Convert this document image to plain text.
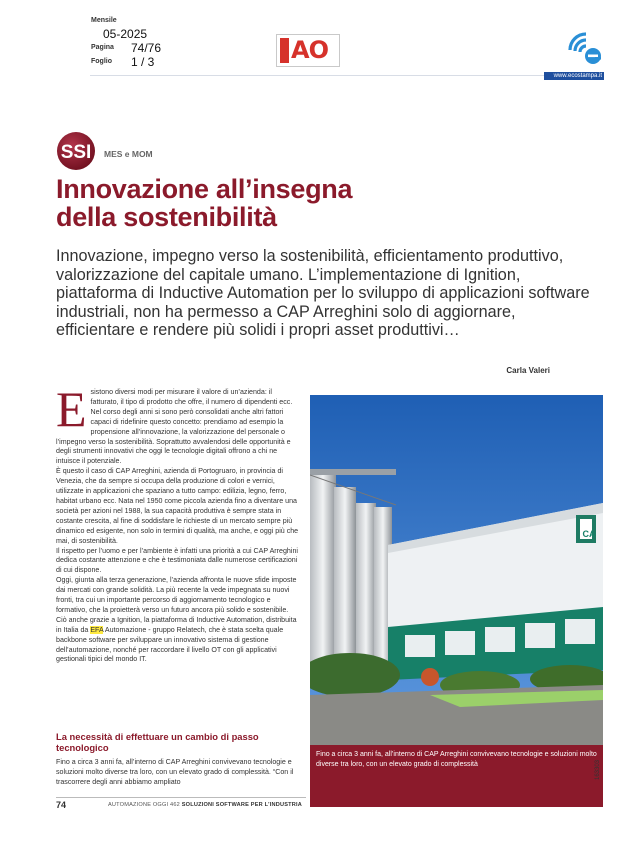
Mensile
05-2025
Pagina 74/76
Foglio 1 / 3	AO
www.ecostampa.it
SSI MES e MOM
Innovazione all’insegna
della sostenibilità
Innovazione, impegno verso la sostenibilità, efficientamento produttivo, valorizzazione del capitale umano. L’implementazione di Ignition, piattaforma di Inductive Automation per lo sviluppo di applicazioni software industriali, non ha permesso a CAP Arreghini solo di aggiornare, efficientare e rendere più solidi i propri asset produttivi…
Carla Valeri
E sistono diversi modi per misurare il valore di un’azienda: il fatturato, il tipo di prodotto che offre, il numero di dipendenti ecc. Nel corso degli anni si sono però consolidati anche altri fattori capaci di ridefinire questo concetto: prendiamo ad esempio la propensione all’innovazione, la valorizzazione del personale o l’impegno verso la sostenibilità. Soprattutto avvalendosi delle opportunità e degli strumenti innovativi che oggi le tecnologie digitali offrono a chi ne intuisce il potenziale.

È questo il caso di CAP Arreghini, azienda di Portogruaro, in provincia di Venezia, che da sempre si occupa della produzione di colori e vernici, utilizzate in applicazioni che spaziano a tutto campo: edilizia, legno, ferro, habitat urbano ecc. Nata nel 1950 come piccola azienda fino a diventare una società per azioni nel 1988, la sua capacità produttiva è sempre stata in costante crescita, al fine di soddisfare le richieste di un mercato sempre più dinamico ed esigente, non solo in termini di qualità, ma anche, e oggi più che mai, di sostenibilità.

Il rispetto per l’uomo e per l’ambiente è infatti una priorità a cui CAP Arreghini dedica costante attenzione e che è testimoniata dalle numerose certificazioni di cui dispone.

Oggi, giunta alla terza generazione, l’azienda affronta le nuove sfide imposte dai mercati con grande solidità. La più recente la vede impegnata su nuovi fronti, tra cui un importante percorso di aggiornamento tecnologico e formativo, che la proietterà verso un futuro ancora più solido e sostenibile. Ciò anche grazie a Ignition, la piattaforma di Inductive Automation, distribuita in Italia da EFA Automazione - gruppo Relatech, che è stata scelta quale backbone software per sviluppare un innovativo sistema di gestione dell’automazione, nonché per raccordare il livello OT con gli applicativi gestionali tipici del mondo IT.

La necessità di effettuare un cambio di passo tecnologico
Fino a circa 3 anni fa, all’interno di CAP Arreghini convivevano tecnologie e soluzioni molto diverse tra loro, con un elevato grado di complessità. “Con il trascorrere degli anni abbiamo ampliato
CA
Fino a circa 3 anni fa, all’interno di CAP Arreghini convivevano tecnologie e soluzioni molto diverse tra loro, con un elevato grado di complessità	163303
74	AUTOMAZIONE OGGI 462 SOLUZIONI SOFTWARE PER L’INDUSTRIA
